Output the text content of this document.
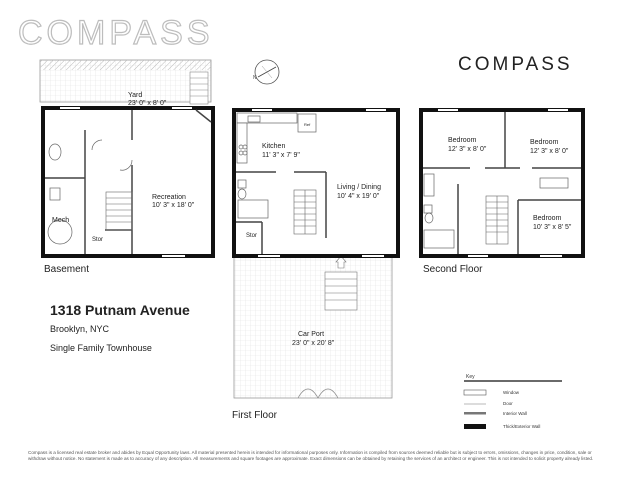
COMPASS
COMPASS
Yard
23' 0" x 8' 0"
Recreation
10' 3" x 18' 0"
Mech
Stor
N
Ref
Kitchen
11' 3" x 7' 9"
Living / Dining
10' 4" x 19' 0"
Stor
Car Port
23' 0" x 20' 8"
Bedroom
12' 3" x 8' 0"
Bedroom
12' 3" x 8' 0"
Bedroom
10' 3" x 8' 5"
Basement
First Floor
Second Floor
1318 Putnam Avenue
Brooklyn, NYC
Single Family Townhouse
Key
Window
Door
Interior Wall
Thick/Exterior Wall
Compass is a licensed real estate broker and abides by Equal Opportunity laws. All material presented herein is intended for informational purposes only. Information is compiled from sources deemed reliable but is subject to errors, omissions, changes in price, condition, sale or withdraw without notice. No statement is made as to accuracy of any description. All measurements and square footages are approximate. Exact dimensions can be obtained by retaining the services of an architect or engineer. This is not intended to solicit property already listed.
